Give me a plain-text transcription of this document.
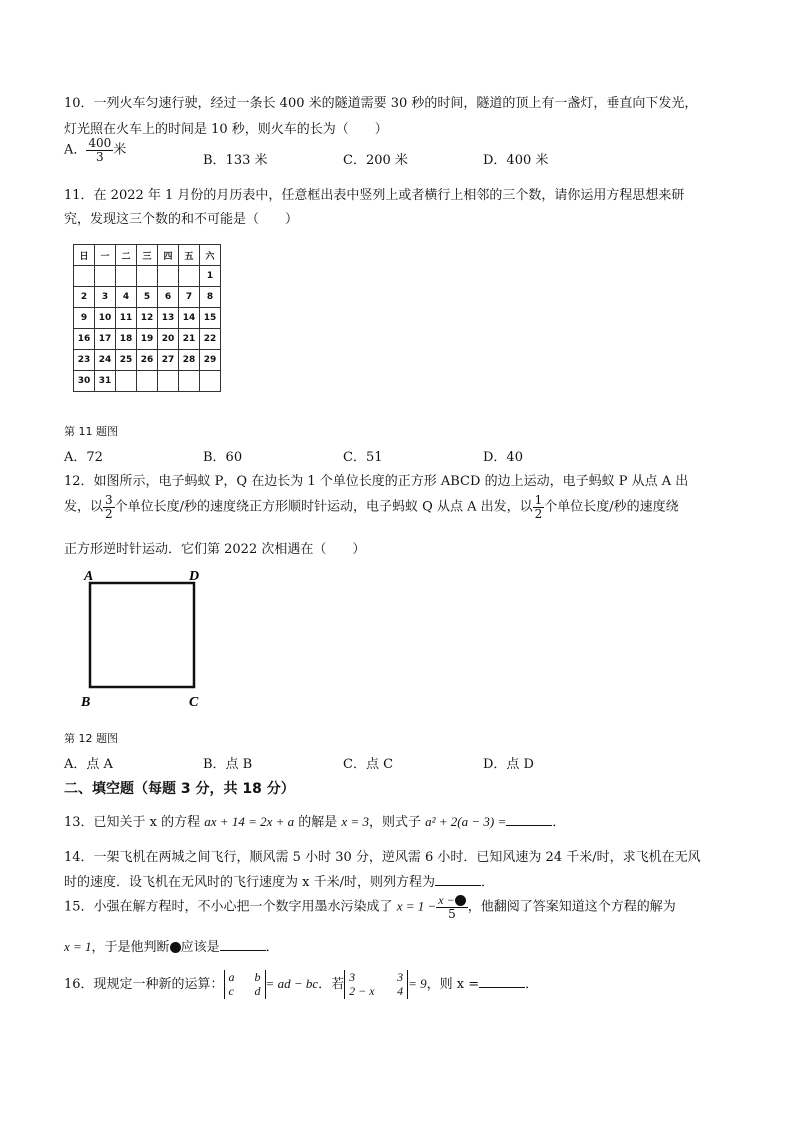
10．一列火车匀速行驶，经过一条长 400 米的隧道需要 30 秒的时间，隧道的顶上有一盏灯，垂直向下发光，
灯光照在火车上的时间是 10 秒，则火车的长为（　　）
A． $\frac{400}{3}$ 米
B．133 米	C．200 米	D．400 米
11．在 2022 年 1 月份的月历表中，任意框出表中竖列上或者横行上相邻的三个数，请你运用方程思想来研
究，发现这三个数的和不可能是（　　）
日	一	二	三	四	五	六
						1
2	3	4	5	6	7	8
9	10	11	12	13	14	15
16	17	18	19	20	21	22
23	24	25	26	27	28	29
30	31					
第 11 题图
A．72	B．60	C．51	D．40
12．如图所示，电子蚂蚁 P，Q 在边长为 1 个单位长度的正方形 ABCD 的边上运动，电子蚂蚁 P 从点 A 出
发，以 $\frac{3}{2}$ 个单位长度/秒的速度绕正方形顺时针运动，电子蚂蚁 Q 从点 A 出发，以 $\frac{1}{2}$ 个单位长度/秒的速度绕
正方形逆时针运动．它们第 2022 次相遇在（　　）
A	D
B	C
第 12 题图
A．点 A	B．点 B	C．点 C	D．点 D
二、填空题（每题 3 分，共 18 分）
13．已知关于 x 的方程 ax + 14 = 2x + a 的解是 x = 3，则式子 a² + 2(a − 3) =	．
14．一架飞机在两城之间飞行，顺风需 5 小时 30 分，逆风需 6 小时．已知风速为 24 千米/时，求飞机在无风
时的速度．设飞机在无风时的飞行速度为 x 千米/时，则列方程为	．
15．小强在解方程时，不小心把一个数字用墨水污染成了 $x = 1 - \frac{x -}{5}$ ，他翻阅了答案知道这个方程的解为
x = 1，于是他判断 应该是	．
16．现规定一种新的运算： a b
c d
= ad − bc．若 3	3
2 − x 4
= 9，则 x =	．
